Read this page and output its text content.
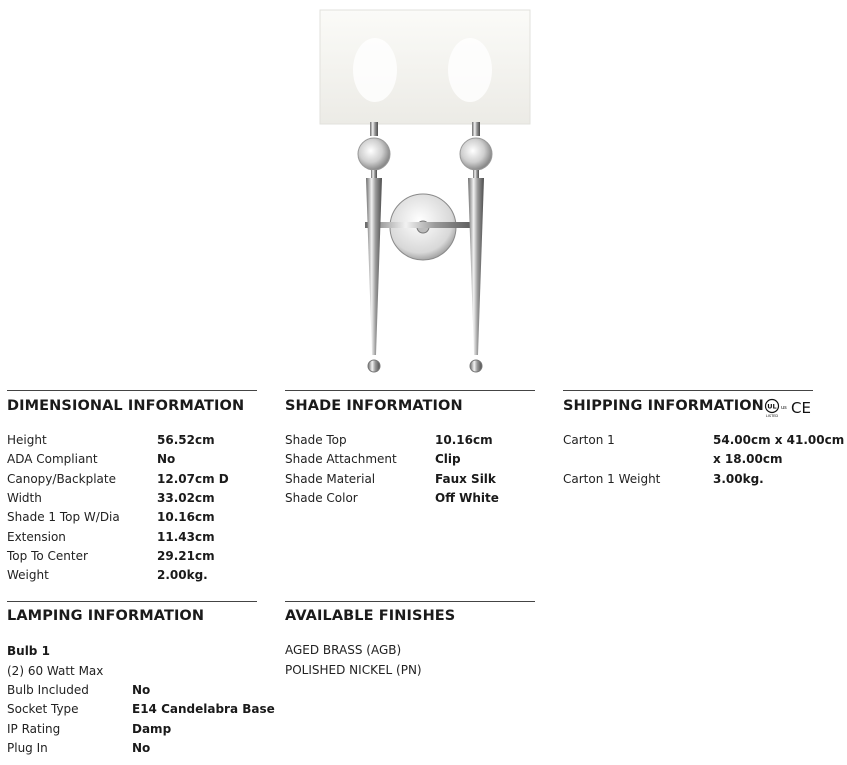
DIMENSIONAL INFORMATION
Height	56.52cm
ADA Compliant	No
Canopy/Backplate	12.07cm D
Width	33.02cm
Shade 1 Top W/Dia	10.16cm
Extension	11.43cm
Top To Center	29.21cm
Weight	2.00kg.
SHADE INFORMATION
Shade Top	10.16cm
Shade Attachment	Clip
Shade Material	Faux Silk
Shade Color	Off White
SHIPPING INFORMATION UL
LISTED
us CE
Carton 1	54.00cm x 41.00cm
x 18.00cm
Carton 1 Weight	3.00kg.
LAMPING INFORMATION
Bulb 1
(2) 60 Watt Max
Bulb Included	No
Socket Type	E14 Candelabra Base
IP Rating	Damp
Plug In	No
AVAILABLE FINISHES
AGED BRASS (AGB)
POLISHED NICKEL (PN)
